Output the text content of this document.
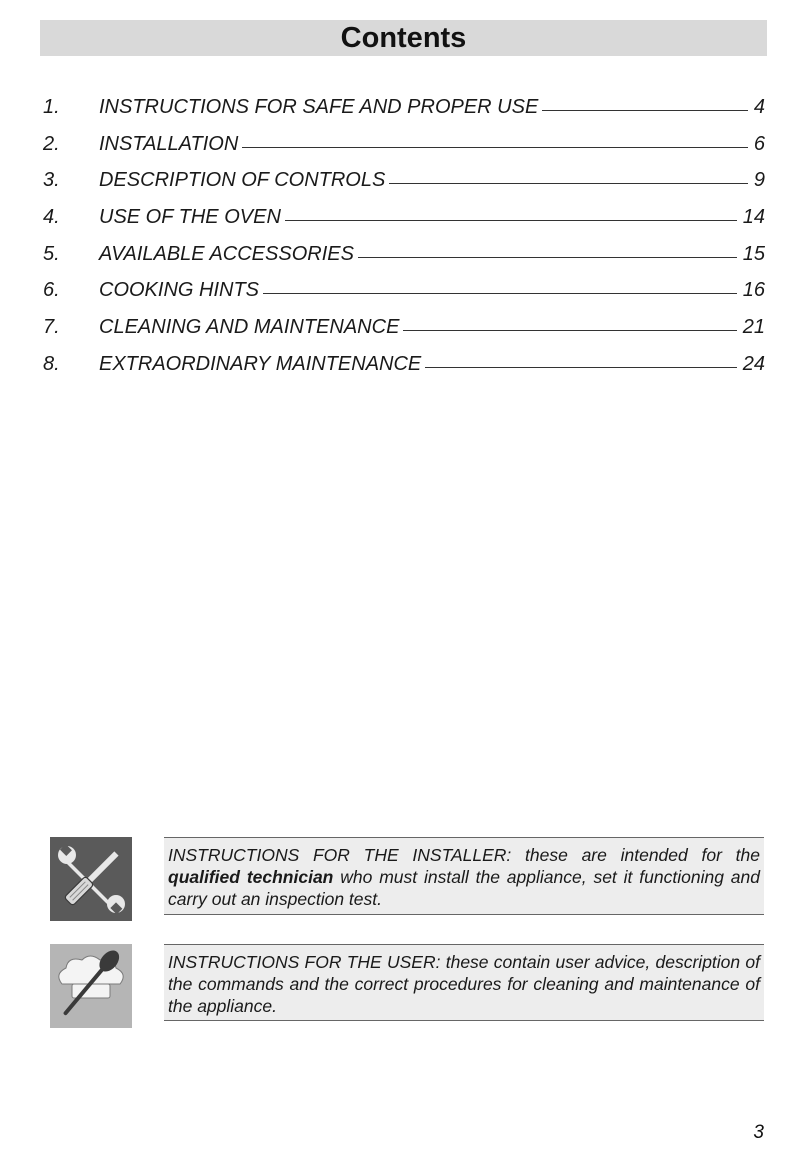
Contents
1.	INSTRUCTIONS FOR SAFE AND PROPER USE	4
2.	INSTALLATION	6
3.	DESCRIPTION OF CONTROLS	9
4.	USE OF THE OVEN	14
5.	AVAILABLE ACCESSORIES	15
6.	COOKING HINTS	16
7.	CLEANING AND MAINTENANCE	21
8.	EXTRAORDINARY MAINTENANCE	24
INSTRUCTIONS FOR THE INSTALLER: these are intended for the qualified technician who must install the appliance, set it functioning and carry out an inspection test.
INSTRUCTIONS FOR THE USER: these contain user advice, description of the commands and the correct procedures for cleaning and maintenance of the appliance.
3
